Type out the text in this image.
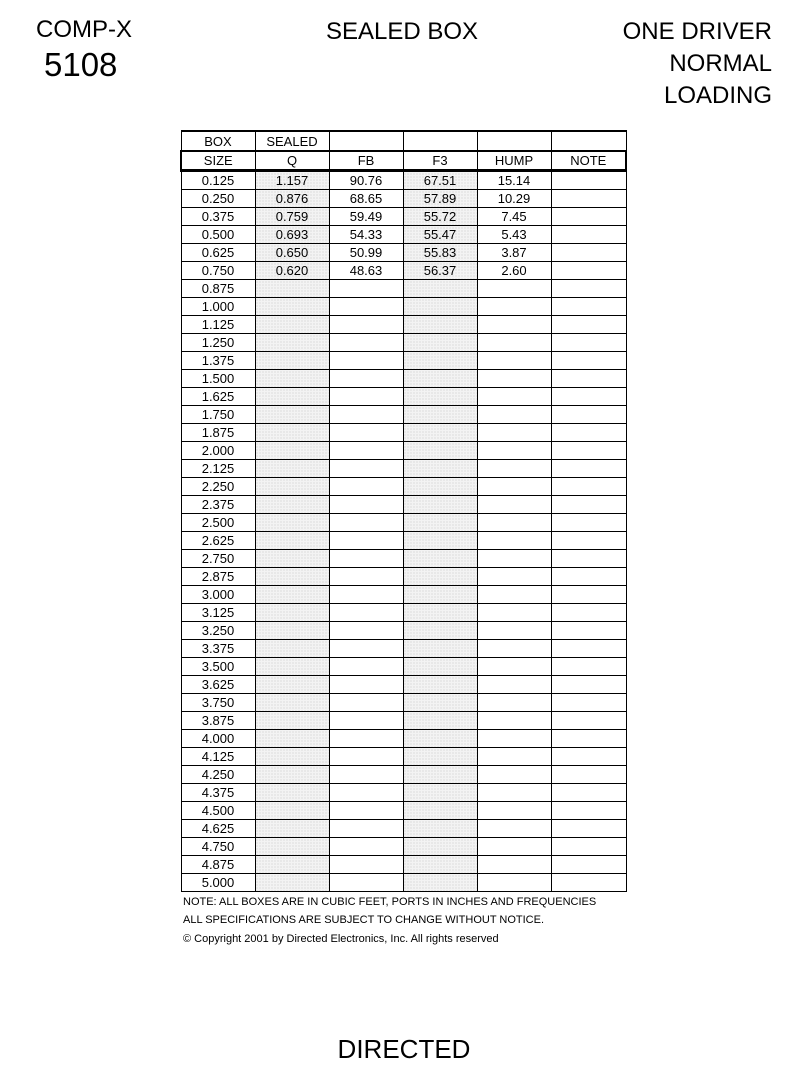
COMP-X
5108
SEALED BOX	ONE DRIVER
NORMAL
LOADING
BOX	SEALED				
SIZE	Q	FB	F3	HUMP	NOTE
0.125	1.157	90.76	67.51	15.14	
0.250	0.876	68.65	57.89	10.29	
0.375	0.759	59.49	55.72	7.45	
0.500	0.693	54.33	55.47	5.43	
0.625	0.650	50.99	55.83	3.87	
0.750	0.620	48.63	56.37	2.60	
0.875					
1.000					
1.125					
1.250					
1.375					
1.500					
1.625					
1.750					
1.875					
2.000					
2.125					
2.250					
2.375					
2.500					
2.625					
2.750					
2.875					
3.000					
3.125					
3.250					
3.375					
3.500					
3.625					
3.750					
3.875					
4.000					
4.125					
4.250					
4.375					
4.500					
4.625					
4.750					
4.875					
5.000					
NOTE: ALL BOXES ARE IN CUBIC FEET, PORTS IN INCHES AND FREQUENCIES
ALL SPECIFICATIONS ARE SUBJECT TO CHANGE WITHOUT NOTICE.
© Copyright 2001 by Directed Electronics, Inc. All rights reserved
DIRECTED
